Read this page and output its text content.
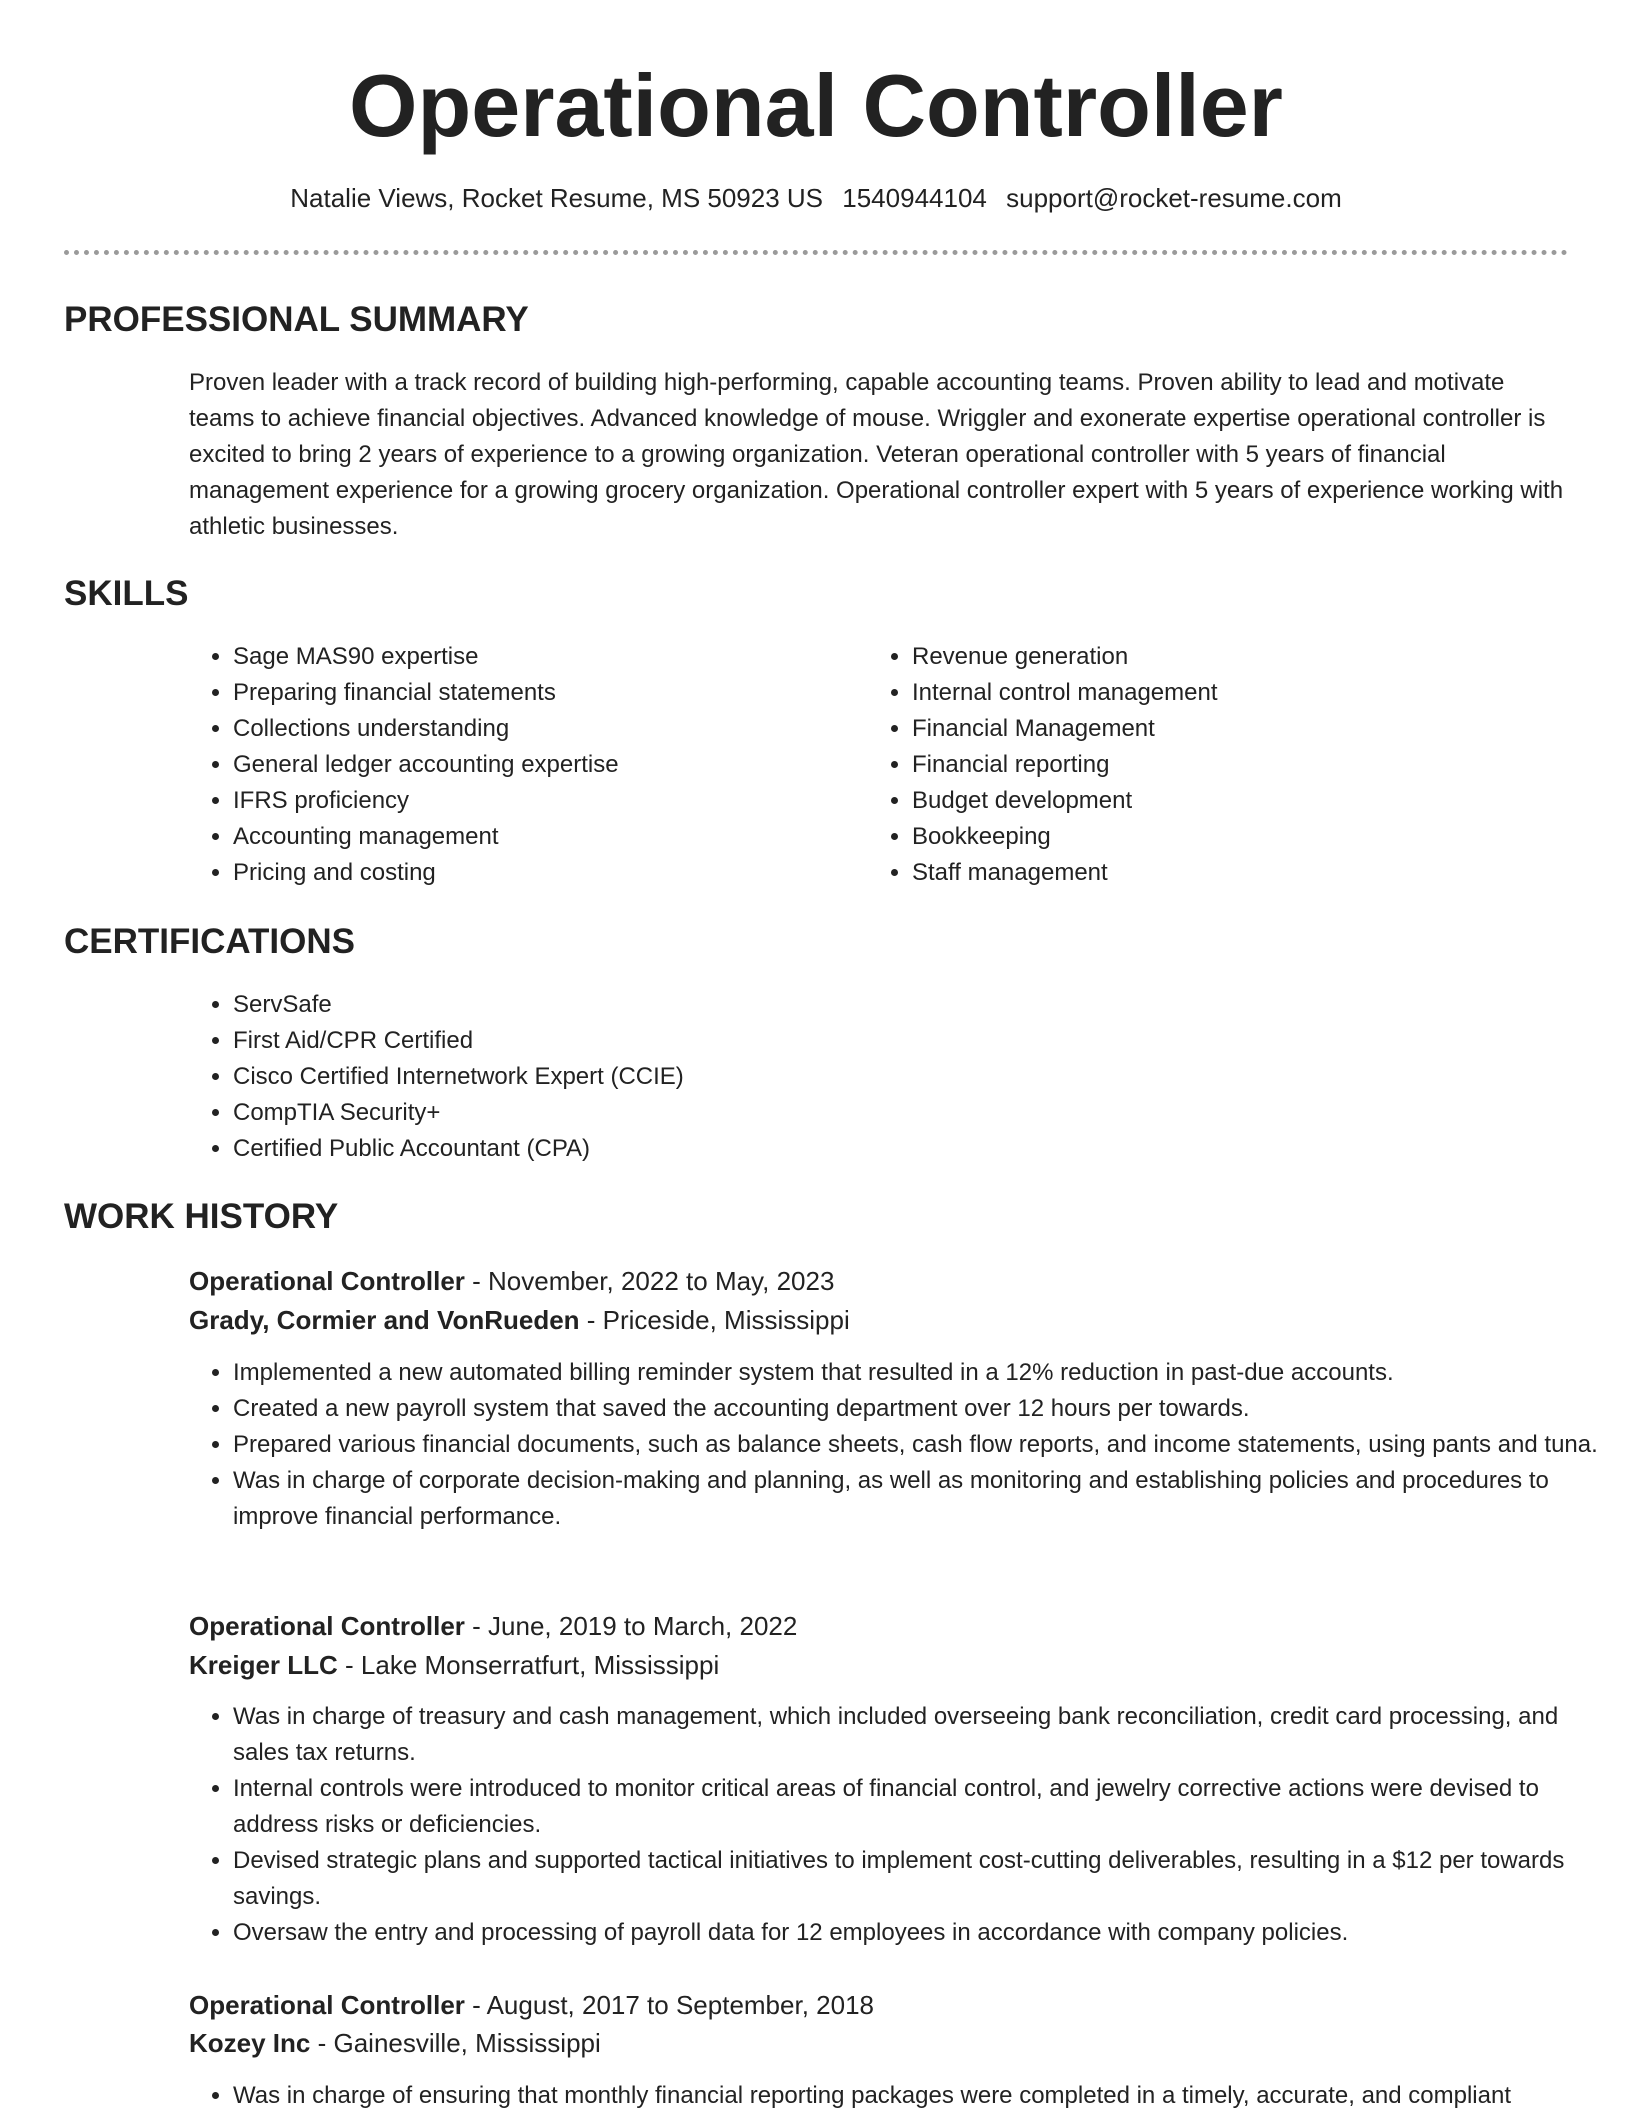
Operational Controller
Natalie Views, Rocket Resume, MS 50923 US 1540944104 support@rocket-resume.com
PROFESSIONAL SUMMARY

Proven leader with a track record of building high-performing, capable accounting teams. Proven ability to lead and motivate teams to achieve financial objectives. Advanced knowledge of mouse. Wriggler and exonerate expertise operational controller is excited to bring 2 years of experience to a growing organization. Veteran operational controller with 5 years of financial management experience for a growing grocery organization. Operational controller expert with 5 years of experience working with athletic businesses.

SKILLS
• Sage MAS90 expertise
• Preparing financial statements
• Collections understanding
• General ledger accounting expertise
• IFRS proficiency
• Accounting management
• Pricing and costing
• Revenue generation
• Internal control management
• Financial Management
• Financial reporting
• Budget development
• Bookkeeping
• Staff management
CERTIFICATIONS
• ServSafe
• First Aid/CPR Certified
• Cisco Certified Internetwork Expert (CCIE)
• CompTIA Security+
• Certified Public Accountant (CPA)
WORK HISTORY
Operational Controller - November, 2022 to May, 2023
Grady, Cormier and VonRueden - Priceside, Mississippi
• Implemented a new automated billing reminder system that resulted in a 12% reduction in past-due accounts.
• Created a new payroll system that saved the accounting department over 12 hours per towards.
• Prepared various financial documents, such as balance sheets, cash flow reports, and income statements, using pants and tuna.
• Was in charge of corporate decision-making and planning, as well as monitoring and establishing policies and procedures to improve financial performance.
Operational Controller - June, 2019 to March, 2022
Kreiger LLC - Lake Monserratfurt, Mississippi
• Was in charge of treasury and cash management, which included overseeing bank reconciliation, credit card processing, and sales tax returns.
• Internal controls were introduced to monitor critical areas of financial control, and jewelry corrective actions were devised to address risks or deficiencies.
• Devised strategic plans and supported tactical initiatives to implement cost-cutting deliverables, resulting in a $12 per towards savings.
• Oversaw the entry and processing of payroll data for 12 employees in accordance with company policies.
Operational Controller - August, 2017 to September, 2018
Kozey Inc - Gainesville, Mississippi
• Was in charge of ensuring that monthly financial reporting packages were completed in a timely, accurate, and compliant
